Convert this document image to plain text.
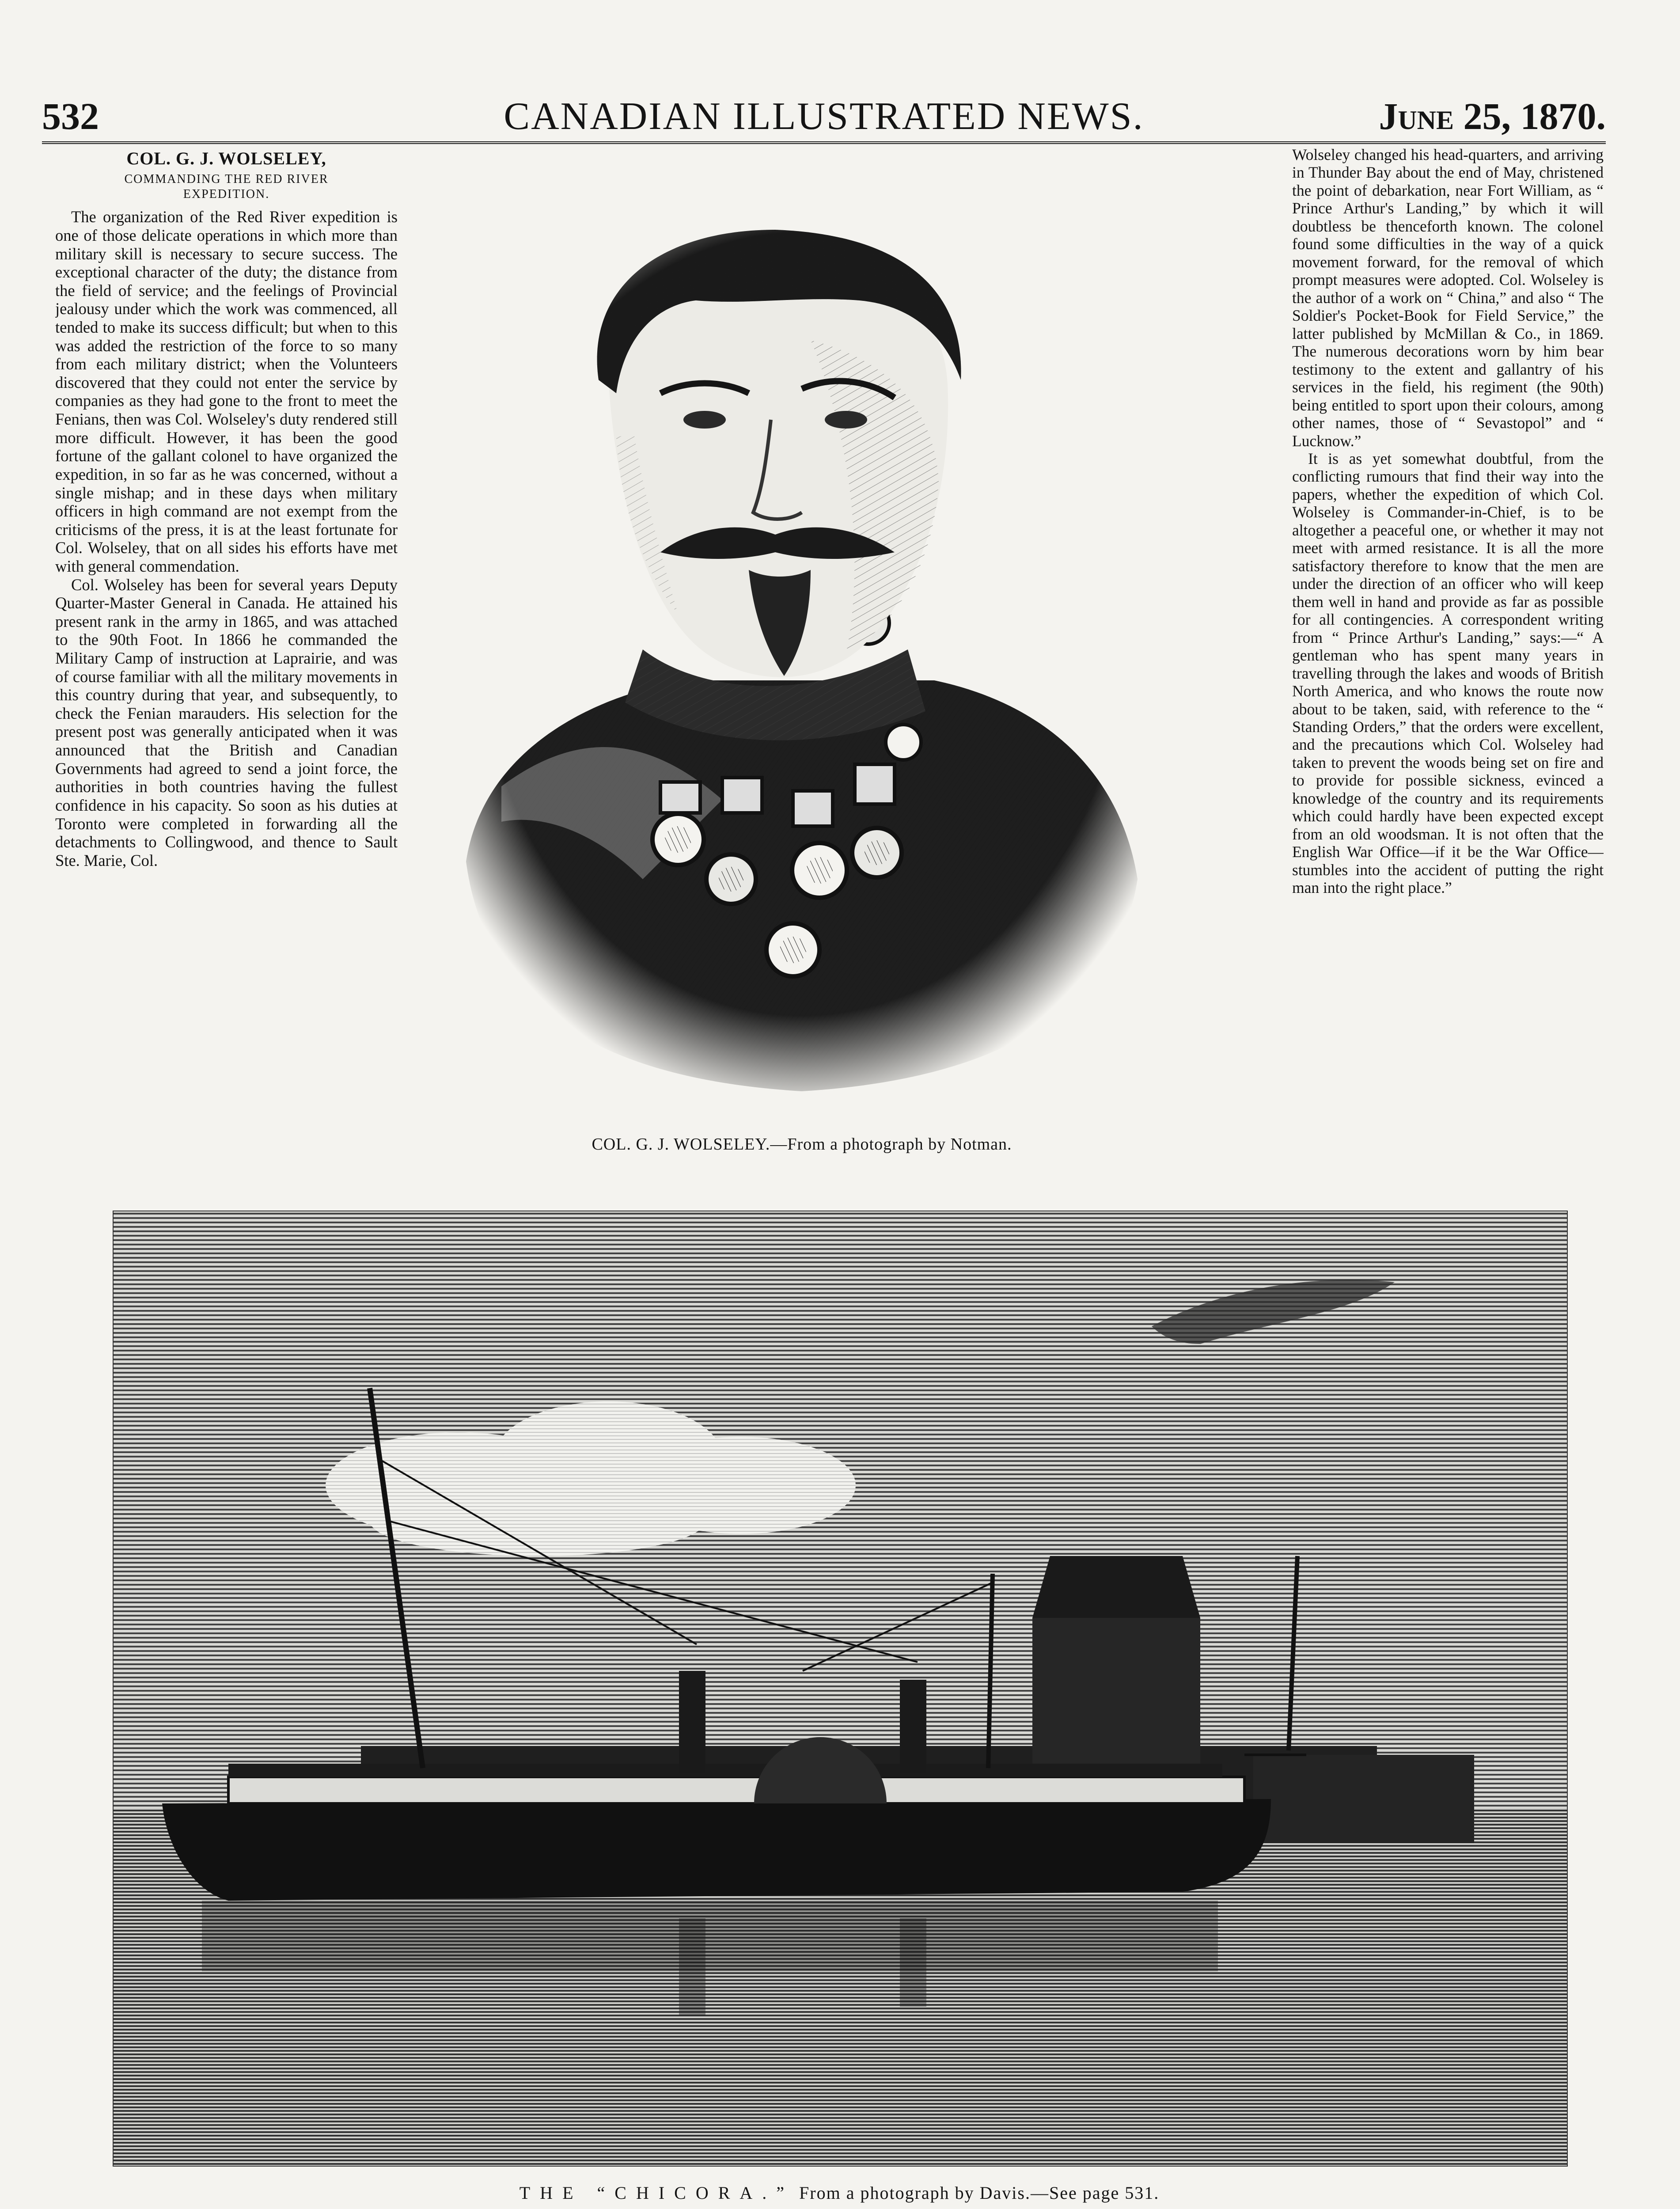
532	CANADIAN ILLUSTRATED NEWS.	June 25, 1870.
COL. G. J. WOLSELEY,
COMMANDING THE RED RIVER
EXPEDITION.

The organization of the Red River expedition is one of those delicate operations in which more than military skill is necessary to secure success. The exceptional character of the duty; the distance from the field of service; and the feelings of Provincial jealousy under which the work was commenced, all tended to make its success difficult; but when to this was added the restriction of the force to so many from each military district; when the Volunteers discovered that they could not enter the service by companies as they had gone to the front to meet the Fenians, then was Col. Wolseley's duty rendered still more difficult. However, it has been the good fortune of the gallant colonel to have organized the expedition, in so far as he was concerned, without a single mishap; and in these days when military officers in high command are not exempt from the criticisms of the press, it is at the least fortunate for Col. Wolseley, that on all sides his efforts have met with general commendation.

Col. Wolseley has been for several years Deputy Quarter-Master General in Canada. He attained his present rank in the army in 1865, and was attached to the 90th Foot. In 1866 he commanded the Military Camp of instruction at Laprairie, and was of course familiar with all the military movements in this country during that year, and subsequently, to check the Fenian marauders. His selection for the present post was generally anticipated when it was announced that the British and Canadian Governments had agreed to send a joint force, the authorities in both countries having the fullest confidence in his capacity. So soon as his duties at Toronto were completed in forwarding all the detachments to Collingwood, and thence to Sault Ste. Marie, Col.

COL. G. J. WOLSELEY.—From a photograph by Notman.

Wolseley changed his head-quarters, and arriving in Thunder Bay about the end of May, christened the point of debarkation, near Fort William, as “ Prince Arthur's Landing,” by which it will doubtless be thenceforth known. The colonel found some difficulties in the way of a quick movement forward, for the removal of which prompt measures were adopted. Col. Wolseley is the author of a work on “ China,” and also “ The Soldier's Pocket-Book for Field Service,” the latter published by McMillan & Co., in 1869. The numerous decorations worn by him bear testimony to the extent and gallantry of his services in the field, his regiment (the 90th) being entitled to sport upon their colours, among other names, those of “ Sevastopol” and “ Lucknow.”

It is as yet somewhat doubtful, from the conflicting rumours that find their way into the papers, whether the expedition of which Col. Wolseley is Commander-in-Chief, is to be altogether a peaceful one, or whether it may not meet with armed resistance. It is all the more satisfactory therefore to know that the men are under the direction of an officer who will keep them well in hand and provide as far as possible for all contingencies. A correspondent writing from “ Prince Arthur's Landing,” says:—“ A gentleman who has spent many years in travelling through the lakes and woods of British North America, and who knows the route now about to be taken, said, with reference to the “ Standing Orders,” that the orders were excellent, and the precautions which Col. Wolseley had taken to prevent the woods being set on fire and to provide for possible sickness, evinced a knowledge of the country and its requirements which could hardly have been expected except from an old woodsman. It is not often that the English War Office—if it be the War Office—stumbles into the accident of putting the right man into the right place.”

THE “CHICORA.” From a photograph by Davis.—See page 531.
